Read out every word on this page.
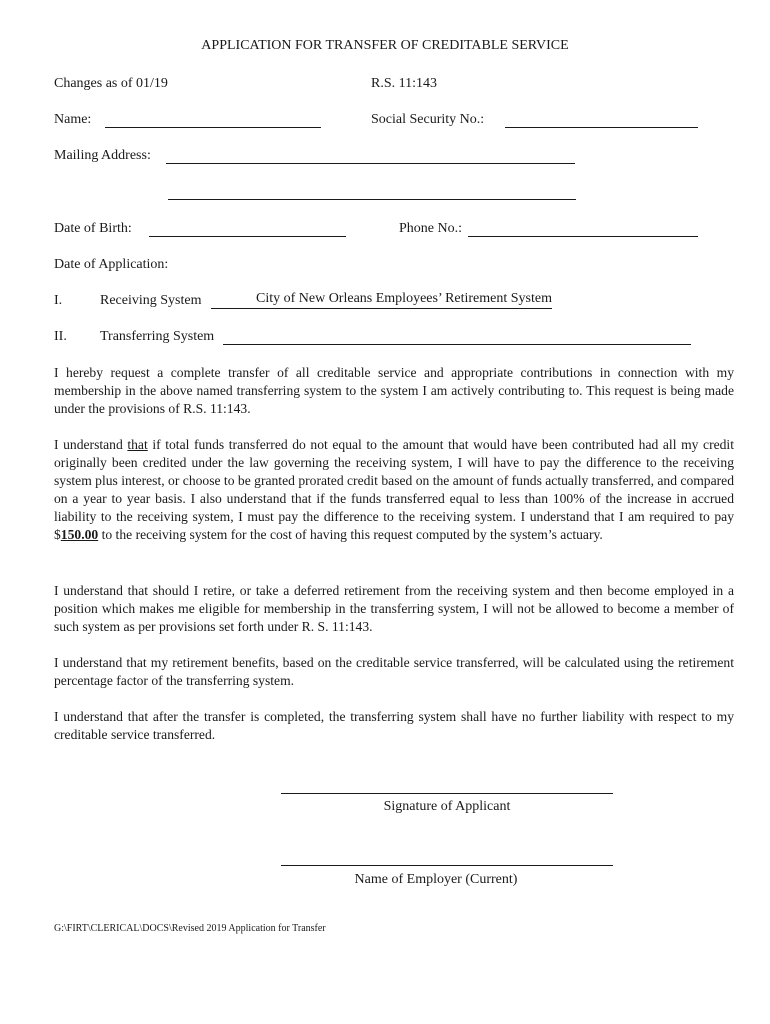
APPLICATION FOR TRANSFER OF CREDITABLE SERVICE
Changes as of 01/19	R.S. 11:143
Name:	Social Security No.:
Mailing Address:
Date of Birth:	Phone No.:
Date of Application:
I.	Receiving System	City of New Orleans Employees’ Retirement System
II. Transferring System
I hereby request a complete transfer of all creditable service and appropriate contributions in connection with my membership in the above named transferring system to the system I am actively contributing to. This request is being made under the provisions of R.S. 11:143.
I understand that if total funds transferred do not equal to the amount that would have been contributed had all my credit originally been credited under the law governing the receiving system, I will have to pay the difference to the receiving system plus interest, or choose to be granted prorated credit based on the amount of funds actually transferred, and compared on a year to year basis. I also understand that if the funds transferred equal to less than 100% of the increase in accrued liability to the receiving system, I must pay the difference to the receiving system. I understand that I am required to pay $150.00 to the receiving system for the cost of having this request computed by the system’s actuary.
I understand that should I retire, or take a deferred retirement from the receiving system and then become employed in a position which makes me eligible for membership in the transferring system, I will not be allowed to become a member of such system as per provisions set forth under R. S. 11:143.
I understand that my retirement benefits, based on the creditable service transferred, will be calculated using the retirement percentage factor of the transferring system.
I understand that after the transfer is completed, the transferring system shall have no further liability with respect to my creditable service transferred.
Signature of Applicant
Name of Employer (Current)
G:\FIRT\CLERICAL\DOCS\Revised 2019 Application for Transfer
